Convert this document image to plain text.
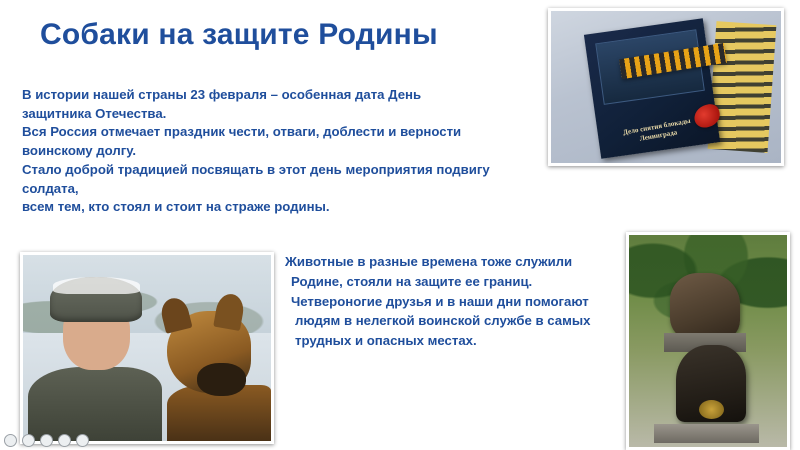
Собаки на защите Родины

В истории нашей страны 23 февраля – особенная дата День

защитника Отечества.

Вся Россия отмечает праздник чести, отваги, доблести и верности

воинскому долгу.

Стало доброй традицией посвящать в этот день мероприятия подвигу солдата,

всем тем, кто стоял и стоит на страже родины.

Животные в разные времена тоже служили

Родине, стояли на защите ее границ.

Четвероногие друзья и в наши дни помогают

людям в нелегкой воинской службе в самых

трудных и опасных местах.

Дело снятия блокады Ленинграда
